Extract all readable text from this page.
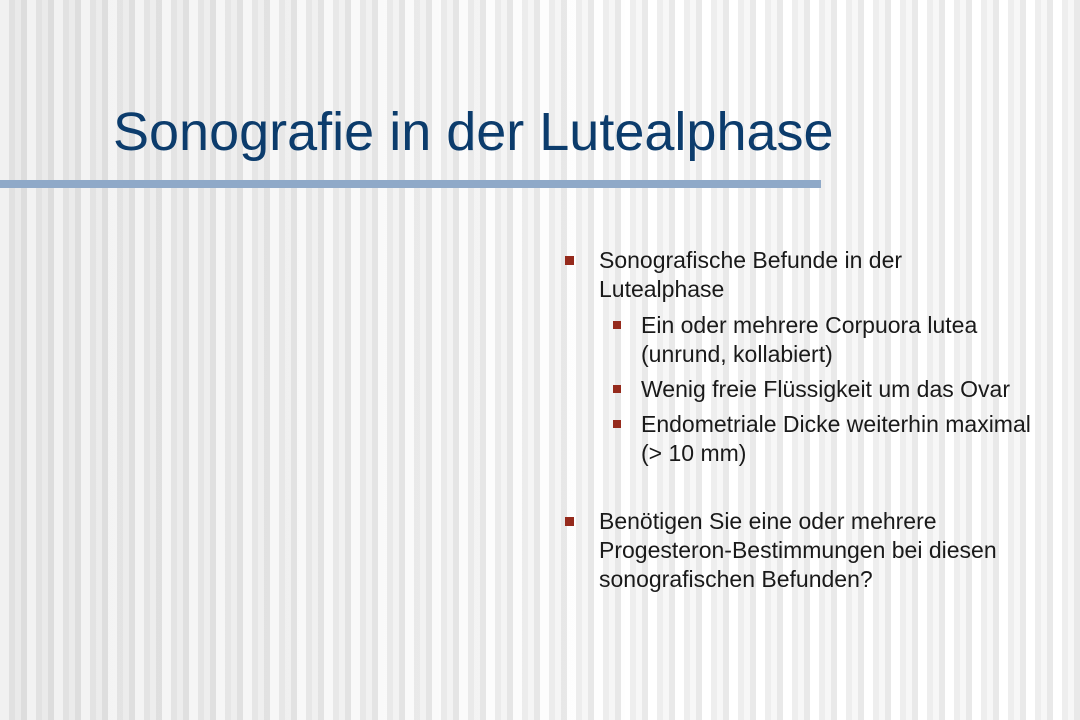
Sonografie in der Lutealphase
Sonografische Befunde in der Lutealphase
Ein oder mehrere Corpuora lutea (unrund, kollabiert)
Wenig freie Flüssigkeit um das Ovar
Endometriale Dicke weiterhin maximal (> 10 mm)
Benötigen Sie eine oder mehrere Progesteron-Bestimmungen bei diesen sonografischen Befunden?
